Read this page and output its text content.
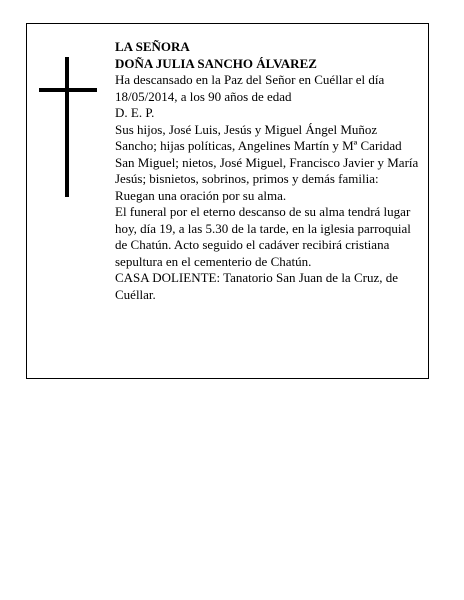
LA SEÑORA

DOÑA JULIA SANCHO ÁLVAREZ

Ha descansado en la Paz del Señor en Cuéllar el día 18/05/2014, a los 90 años de edad

D. E. P.

Sus hijos, José Luis, Jesús y Miguel Ángel Muñoz Sancho; hijas políticas, Angelines Martín y Mª Caridad San Miguel; nietos, José Miguel, Francisco Javier y María Jesús; bisnietos, sobrinos, primos y demás familia:

Ruegan una oración por su alma.

El funeral por el eterno descanso de su alma tendrá lugar hoy, día 19, a las 5.30 de la tarde, en la iglesia parroquial de Chatún. Acto seguido el cadáver recibirá cristiana sepultura en el cementerio de Chatún.

CASA DOLIENTE: Tanatorio San Juan de la Cruz, de Cuéllar.
